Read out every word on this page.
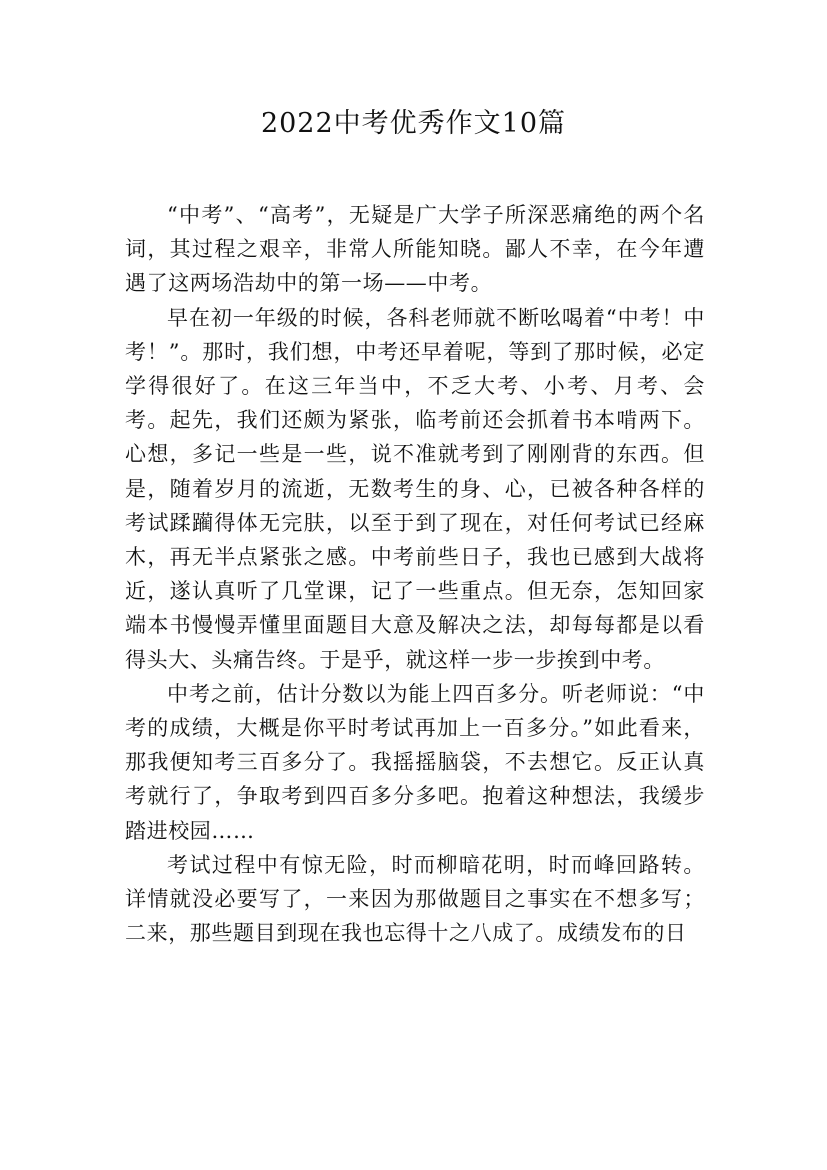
2022中考优秀作文10篇

“中考”、“高考”，无疑是广大学子所深恶痛绝的两个名词，其过程之艰辛，非常人所能知晓。鄙人不幸，在今年遭遇了这两场浩劫中的第一场——中考。

早在初一年级的时候，各科老师就不断吆喝着“中考！中考！”。那时，我们想，中考还早着呢，等到了那时候，必定学得很好了。在这三年当中，不乏大考、小考、月考、会考。起先，我们还颇为紧张，临考前还会抓着书本啃两下。心想，多记一些是一些，说不准就考到了刚刚背的东西。但是，随着岁月的流逝，无数考生的身、心，已被各种各样的考试蹂躏得体无完肤，以至于到了现在，对任何考试已经麻木，再无半点紧张之感。中考前些日子，我也已感到大战将近，遂认真听了几堂课，记了一些重点。但无奈，怎知回家端本书慢慢弄懂里面题目大意及解决之法，却每每都是以看得头大、头痛告终。于是乎，就这样一步一步挨到中考。

中考之前，估计分数以为能上四百多分。听老师说：“中考的成绩，大概是你平时考试再加上一百多分。”如此看来，那我便知考三百多分了。我摇摇脑袋，不去想它。反正认真考就行了，争取考到四百多分多吧。抱着这种想法，我缓步踏进校园……

考试过程中有惊无险，时而柳暗花明，时而峰回路转。详情就没必要写了，一来因为那做题目之事实在不想多写；二来，那些题目到现在我也忘得十之八成了。成绩发布的日
